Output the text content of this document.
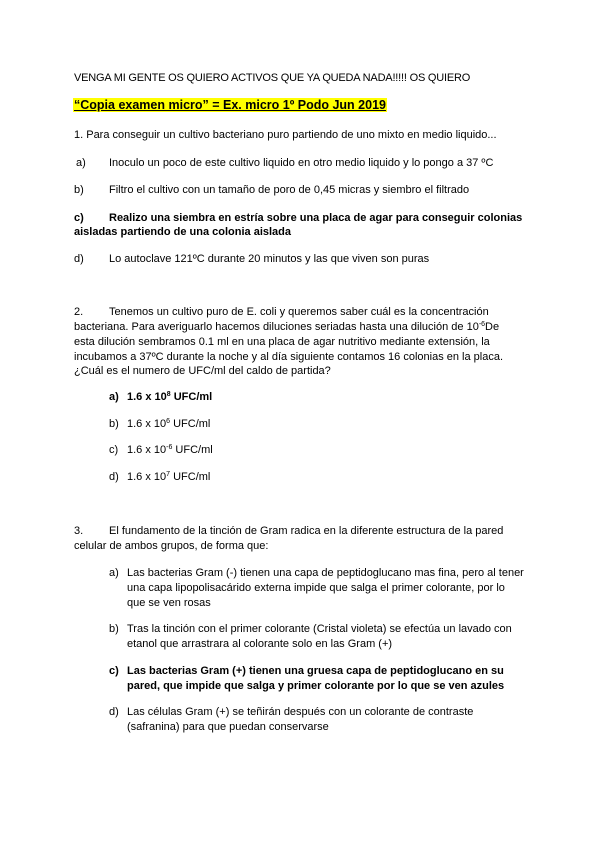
VENGA MI GENTE OS QUIERO ACTIVOS QUE YA QUEDA NADA!!!!! OS QUIERO
“Copia examen micro” = Ex. micro 1º Podo Jun 2019
1. Para conseguir un cultivo bacteriano puro partiendo de uno mixto en medio liquido...
a) Inoculo un poco de este cultivo liquido en otro medio liquido y lo pongo a 37 ºC
b) Filtro el cultivo con un tamaño de poro de 0,45 micras y siembro el filtrado
c) Realizo una siembra en estría sobre una placa de agar para conseguir colonias
aisladas partiendo de una colonia aislada
d) Lo autoclave 121ºC durante 20 minutos y las que viven son puras
2. Tenemos un cultivo puro de E. coli y queremos saber cuál es la concentración
bacteriana. Para averiguarlo hacemos diluciones seriadas hasta una dilución de $10^{-6}De$
esta dilución sembramos 0.1 ml en una placa de agar nutritivo mediante extensión, la
incubamos a 37ºC durante la noche y al día siguiente contamos 16 colonias en la placa.
¿Cuál es el numero de UFC/ml del caldo de partida?
a) 1.6 x $10^8$ UFC/ml
b) 1.6 x $10^6$ UFC/ml
c) 1.6 x $10^{-6}$ UFC/ml
d) 1.6 x $10^7$ UFC/ml
3. El fundamento de la tinción de Gram radica en la diferente estructura de la pared
celular de ambos grupos, de forma que:
a) Las bacterias Gram (-) tienen una capa de peptidoglucano mas fina, pero al tener
una capa lipopolisacárido externa impide que salga el primer colorante, por lo
que se ven rosas
b) Tras la tinción con el primer colorante (Cristal violeta) se efectúa un lavado con
etanol que arrastrara al colorante solo en las Gram (+)
c) Las bacterias Gram (+) tienen una gruesa capa de peptidoglucano en su
pared, que impide que salga y primer colorante por lo que se ven azules
d) Las células Gram (+) se teñirán después con un colorante de contraste
(safranina) para que puedan conservarse
